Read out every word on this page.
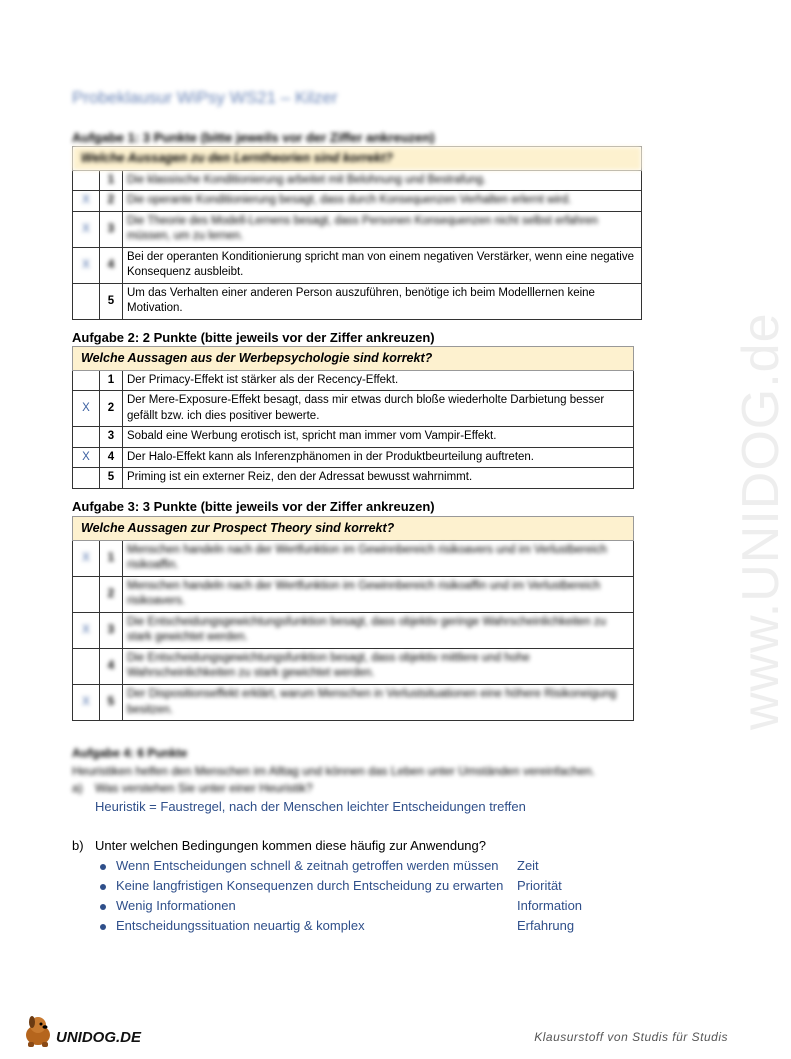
Probeklausur WiPsy WS21 – Kilzer
www.UNIDOG.de
Aufgabe 1: 3 Punkte (bitte jeweils vor der Ziffer ankreuzen)
Welche Aussagen zu den Lerntheorien sind korrekt?		
	1	Die klassische Konditionierung arbeitet mit Belohnung und Bestrafung.
X	2	Die operante Konditionierung besagt, dass durch Konsequenzen Verhalten erlernt wird.
X	3	Die Theorie des Modell-Lernens besagt, dass Personen Konsequenzen nicht selbst erfahren müssen, um zu lernen.
X	4	Bei der operanten Konditionierung spricht man von einem negativen Verstärker, wenn eine negative Konsequenz ausbleibt.
	5	Um das Verhalten einer anderen Person auszuführen, benötige ich beim Modelllernen keine Motivation.
Aufgabe 2: 2 Punkte (bitte jeweils vor der Ziffer ankreuzen)
Welche Aussagen aus der Werbepsychologie sind korrekt?		
	1	Der Primacy-Effekt ist stärker als der Recency-Effekt.
X	2	Der Mere-Exposure-Effekt besagt, dass mir etwas durch bloße wiederholte Darbietung besser gefällt bzw. ich dies positiver bewerte.
	3	Sobald eine Werbung erotisch ist, spricht man immer vom Vampir-Effekt.
X	4	Der Halo-Effekt kann als Inferenzphänomen in der Produktbeurteilung auftreten.
	5	Priming ist ein externer Reiz, den der Adressat bewusst wahrnimmt.
Aufgabe 3: 3 Punkte (bitte jeweils vor der Ziffer ankreuzen)
Welche Aussagen zur Prospect Theory sind korrekt?		
X	1	Menschen handeln nach der Wertfunktion im Gewinnbereich risikoavers und im Verlustbereich risikoaffin.
	2	Menschen handeln nach der Wertfunktion im Gewinnbereich risikoaffin und im Verlustbereich risikoavers.
X	3	Die Entscheidungsgewichtungsfunktion besagt, dass objektiv geringe Wahrscheinlichkeiten zu stark gewichtet werden.
	4	Die Entscheidungsgewichtungsfunktion besagt, dass objektiv mittlere und hohe Wahrscheinlichkeiten zu stark gewichtet werden.
X	5	Der Dispositionseffekt erklärt, warum Menschen in Verlustsituationen eine höhere Risikoneigung besitzen.
Aufgabe 4: 6 Punkte
Heuristiken helfen den Menschen im Alltag und können das Leben unter Umständen vereinfachen.
a) Was verstehen Sie unter einer Heuristik?
Heuristik = Faustregel, nach der Menschen leichter Entscheidungen treffen
b) Unter welchen Bedingungen kommen diese häufig zur Anwendung?
Wenn Entscheidungen schnell & zeitnah getroffen werden müssen Zeit
Keine langfristigen Konsequenzen durch Entscheidung zu erwarten Priorität
Wenig Informationen	Information
Entscheidungssituation neuartig & komplex	Erfahrung
UNIDOG.DE	Klausurstoff von Studis für Studis
